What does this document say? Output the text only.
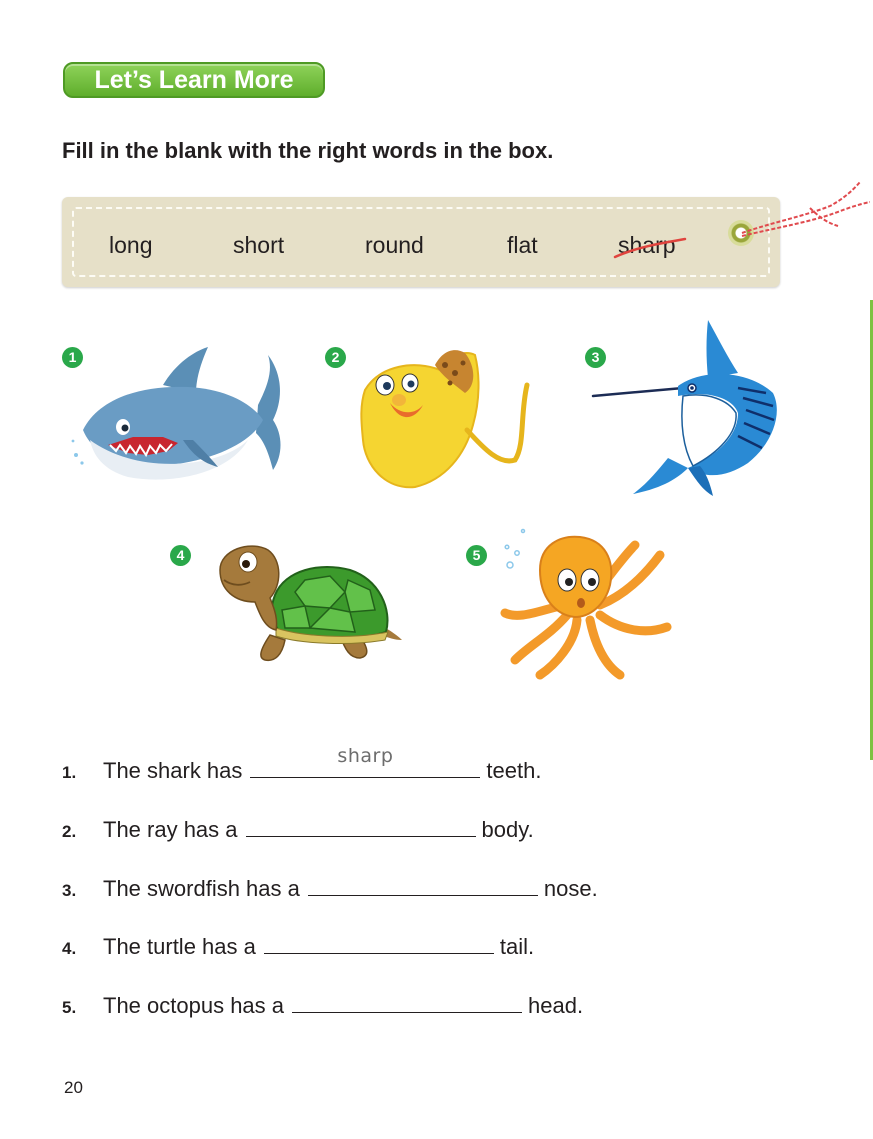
Let’s Learn More
Fill in the blank with the right words in the box.
long	short	round	flat	sharp
1	2	3
4	5
1. The shark has
sharp
teeth.
2. The ray has a	body.
3. The swordfish has a	nose.
4. The turtle has a	tail.
5. The octopus has a	head.
20
